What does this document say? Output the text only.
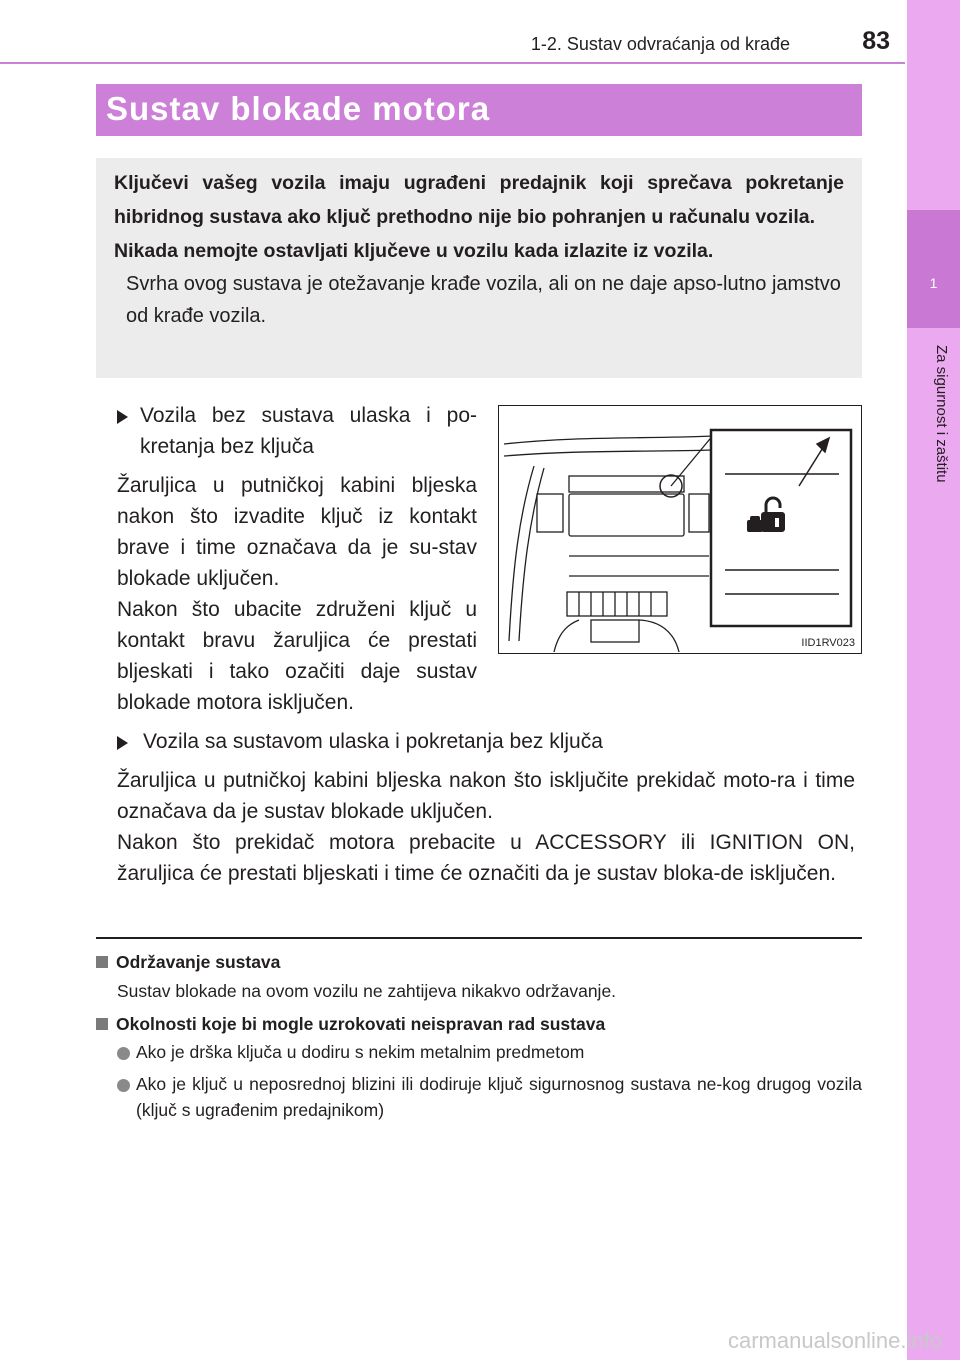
1-2. Sustav odvraćanja od krađe	83
1
Za sigurnost i zaštitu
Sustav blokade motora

Ključevi vašeg vozila imaju ugrađeni predajnik koji sprečava pokretanje hibridnog sustava ako ključ prethodno nije bio pohranjen u računalu vozila.

Nikada nemojte ostavljati ključeve u vozilu kada izlazite iz vozila.

Svrha ovog sustava je otežavanje krađe vozila, ali on ne daje apso-lutno jamstvo od krađe vozila.

Vozila bez sustava ulaska i po-kretanja bez ključa

Žaruljica u putničkoj kabini bljeska nakon što izvadite ključ iz kontakt brave i time označava da je su-stav blokade uključen.

Nakon što ubacite združeni ključ u kontakt bravu žaruljica će prestati bljeskati i tako ozačiti daje sustav blokade motora isključen.

IID1RV023

Vozila sa sustavom ulaska i pokretanja bez ključa

Žaruljica u putničkoj kabini bljeska nakon što isključite prekidač moto-ra i time označava da je sustav blokade uključen.

Nakon što prekidač motora prebacite u ACCESSORY ili IGNITION ON, žaruljica će prestati bljeskati i time će označiti da je sustav bloka-de isključen.

Održavanje sustava

Sustav blokade na ovom vozilu ne zahtijeva nikakvo održavanje.

Okolnosti koje bi mogle uzrokovati neispravan rad sustava

Ako je drška ključa u dodiru s nekim metalnim predmetom
Ako je ključ u neposrednoj blizini ili dodiruje ključ sigurnosnog sustava ne-kog drugog vozila (ključ s ugrađenim predajnikom)
carmanualsonline.info
